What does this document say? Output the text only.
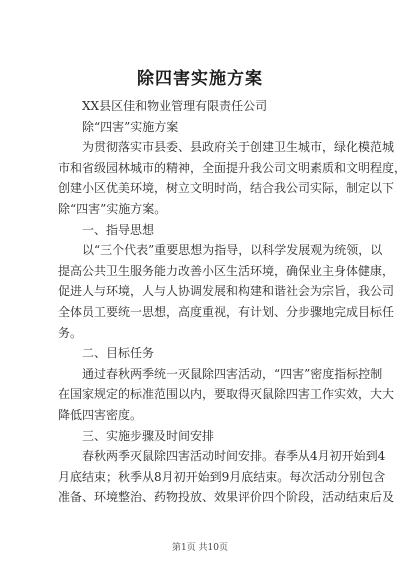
除四害实施方案
XX县区佳和物业管理有限责任公司
除“四害”实施方案
为贯彻落实市县委、县政府关于创建卫生城市，绿化模范城
市和省级园林城市的精神，全面提升我公司文明素质和文明程度，
创建小区优美环境，树立文明时尚，结合我公司实际，制定以下
除“四害”实施方案。
一、指导思想
以“三个代表”重要思想为指导，以科学发展观为统领，以
提高公共卫生服务能力改善小区生活环境，确保业主身体健康，
促进人与环境，人与人协调发展和构建和谐社会为宗旨，我公司
全体员工要统一思想，高度重视，有计划、分步骤地完成目标任
务。
二、目标任务
通过春秋两季统一灭鼠除四害活动，“四害”密度指标控制
在国家规定的标准范围以内，要取得灭鼠除四害工作实效，大大
降低四害密度。
三、实施步骤及时间安排
春秋两季灭鼠除四害活动时间安排。春季从4月初开始到4
月底结束；秋季从8月初开始到9月底结束。每次活动分别包含
准备、环境整治、药物投放、效果评价四个阶段，活动结束后及
第1页 共10页
